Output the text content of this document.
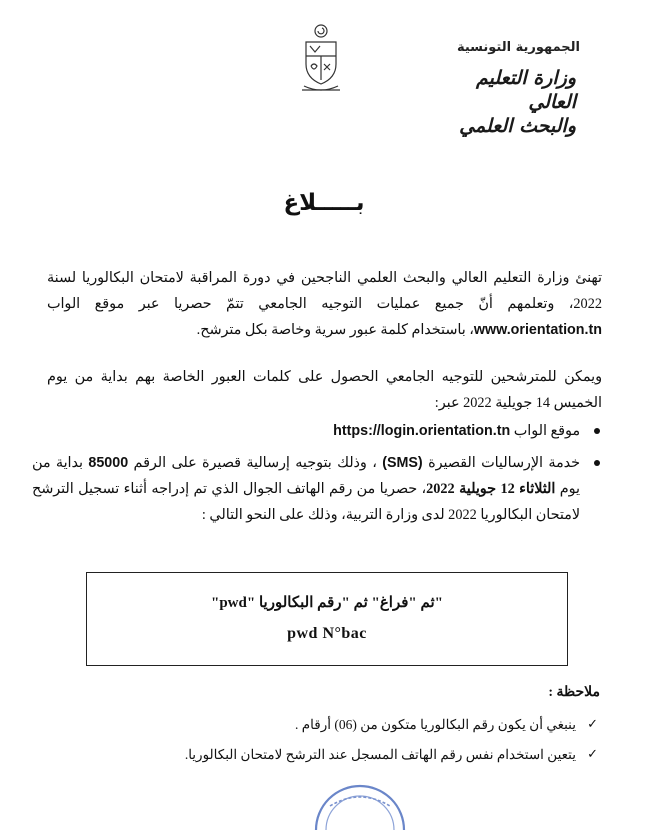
الجمهورية التونسية
وزارة التعليم العالي
والبحث العلمي
بـــــلاغ
تهنئ وزارة التعليم العالي والبحث العلمي الناجحين في دورة المراقبة لامتحان البكالوريا لسنة 2022، وتعلمهم أنّ جميع عمليات التوجيه الجامعي تتمّ حصريا عبر موقع الواب www.orientation.tn، باستخدام كلمة عبور سرية وخاصة بكل مترشح.
ويمكن للمترشحين للتوجيه الجامعي الحصول على كلمات العبور الخاصة بهم بداية من يوم الخميس 14 جويلية 2022 عبر:
موقع الواب https://login.orientation.tn
خدمة الإرساليات القصيرة (SMS) ، وذلك بتوجيه إرسالية قصيرة على الرقم 85000 بداية من يوم الثلاثاء 12 جويلية 2022، حصريا من رقم الهاتف الجوال الذي تم إدراجه أثناء تسجيل الترشح لامتحان البكالوريا 2022 لدى وزارة التربية، وذلك على النحو التالي :
"pwd" ثم "فراغ" ثم "رقم البكالوريا"
pwd N°bac
ملاحظة :
✓
ينبغي أن يكون رقم البكالوريا متكون من (06) أرقام .
✓
يتعين استخدام نفس رقم الهاتف المسجل عند الترشح لامتحان البكالوريا.
